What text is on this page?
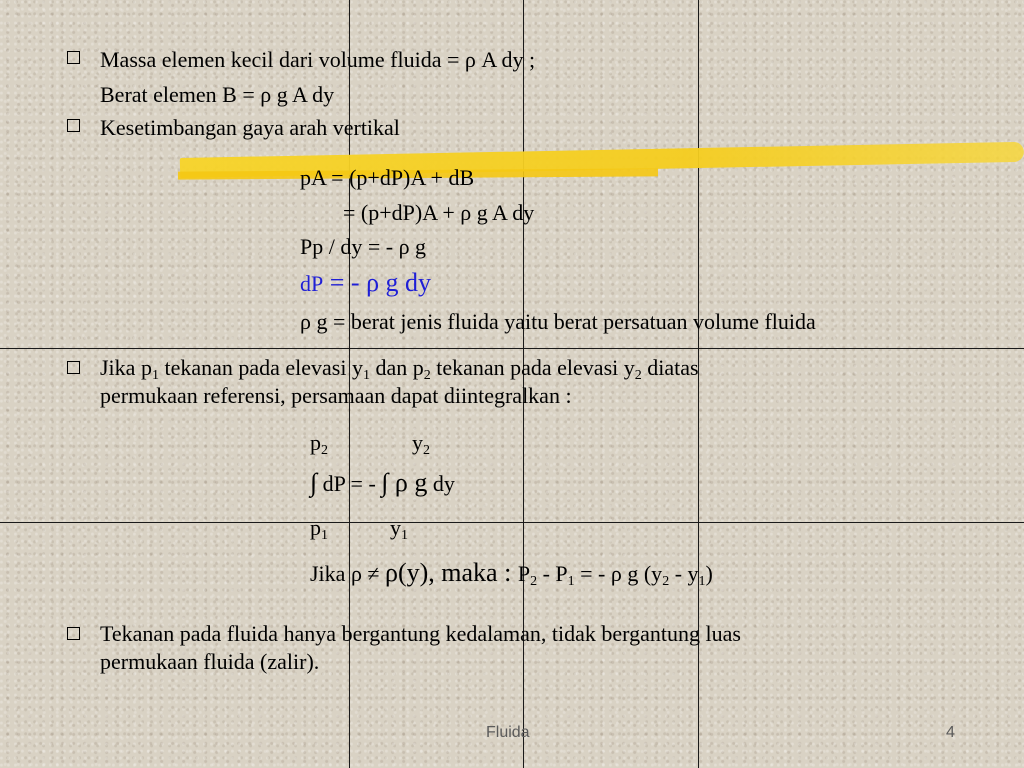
Massa elemen kecil dari volume fluida = ρ A dy ;
Berat elemen B = ρ g A dy
Kesetimbangan gaya arah vertikal
pA = (p+dP)A + dB
= (p+dP)A + ρ g A dy
Pp / dy = - ρ g
dP = - ρ g dy
ρ g = berat jenis fluida yaitu berat persatuan volume fluida
Jika $p_1$ tekanan pada elevasi $y_1$ dan $p_2$ tekanan pada elevasi $y_2$ diatas
permukaan referensi, persamaan dapat diintegralkan :
$p_2$	$y_2$
∫ dP = - ∫ ρ g dy
$p_1$	$y_1$
Jika ρ ≠ ρ(y), maka : $P_2 - P_1$ = - ρ g $(y_2 - y_1)$
Tekanan pada fluida hanya bergantung kedalaman, tidak bergantung luas
permukaan fluida (zalir).
Fluida	4
